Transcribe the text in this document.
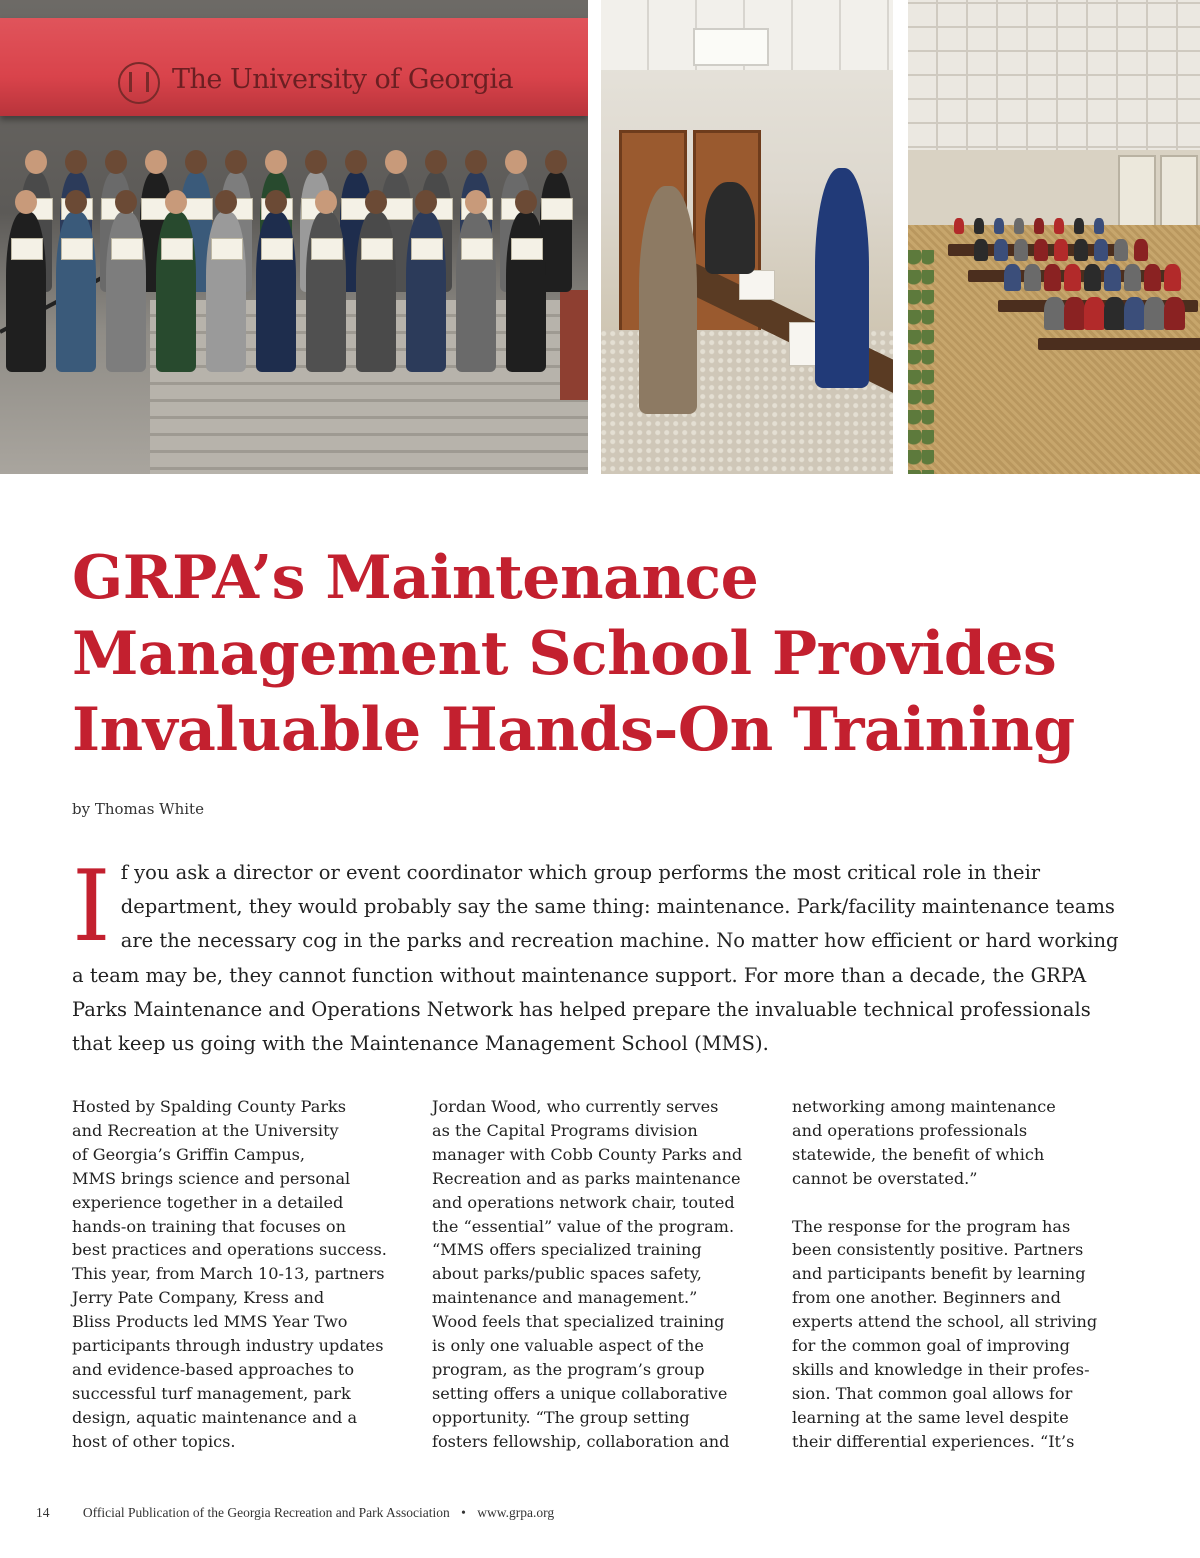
The University of Georgia
GRPA’s Maintenance
Management School Provides
Invaluable Hands-On Training
by Thomas White

If you ask a director or event coordinator which group performs the most critical role in their department, they would probably say the same thing: maintenance. Park/facility maintenance teams are the necessary cog in the parks and recreation machine. No matter how efficient or hard working a team may be, they cannot function without maintenance support. For more than a decade, the GRPA Parks Maintenance and Operations Network has helped prepare the invaluable technical professionals that keep us going with the Maintenance Management School (MMS).

Hosted by Spalding County Parks
and Recreation at the University
of Georgia’s Griffin Campus,
MMS brings science and personal
experience together in a detailed
hands-on training that focuses on
best practices and operations success.
This year, from March 10-13, partners
Jerry Pate Company, Kress and
Bliss Products led MMS Year Two
participants through industry updates
and evidence-based approaches to
successful turf management, park
design, aquatic maintenance and a
host of other topics.

Jordan Wood, who currently serves
as the Capital Programs division
manager with Cobb County Parks and
Recreation and as parks maintenance
and operations network chair, touted
the “essential” value of the program.
“MMS offers specialized training
about parks/public spaces safety,
maintenance and management.”
Wood feels that specialized training
is only one valuable aspect of the
program, as the program’s group
setting offers a unique collaborative
opportunity. “The group setting
fosters fellowship, collaboration and

networking among maintenance
and operations professionals
statewide, the benefit of which
cannot be overstated.”

The response for the program has
been consistently positive. Partners
and participants benefit by learning
from one another. Beginners and
experts attend the school, all striving
for the common goal of improving
skills and knowledge in their profes-
sion. That common goal allows for
learning at the same level despite
their differential experiences. “It’s

14 Official Publication of the Georgia Recreation and Park Association • www.grpa.org
